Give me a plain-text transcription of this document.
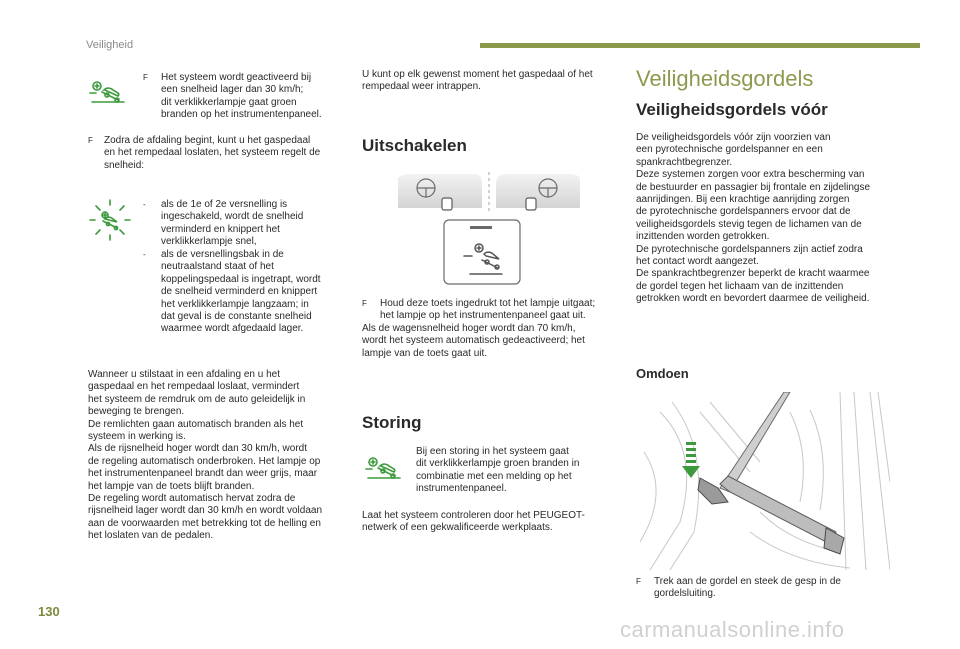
Veiligheid
130
carmanualsonline.info
F Het systeem wordt geactiveerd bij
een snelheid lager dan 30 km/h;
dit verklikkerlampje gaat groen
branden op het instrumentenpaneel.
F Zodra de afdaling begint, kunt u het gaspedaal
en het rempedaal loslaten, het systeem regelt de
snelheid:
- als de 1e of 2e versnelling is
ingeschakeld, wordt de snelheid
verminderd en knippert het
verklikkerlampje snel,
- als de versnellingsbak in de
neutraalstand staat of het
koppelingspedaal is ingetrapt, wordt
de snelheid verminderd en knippert
het verklikkerlampje langzaam; in
dat geval is de constante snelheid
waarmee wordt afgedaald lager.
Wanneer u stilstaat in een afdaling en u het
gaspedaal en het rempedaal loslaat, vermindert
het systeem de remdruk om de auto geleidelijk in
beweging te brengen.
De remlichten gaan automatisch branden als het
systeem in werking is.
Als de rijsnelheid hoger wordt dan 30 km/h, wordt
de regeling automatisch onderbroken. Het lampje op
het instrumentenpaneel brandt dan weer grijs, maar
het lampje van de toets blijft branden.
De regeling wordt automatisch hervat zodra de
rijsnelheid lager wordt dan 30 km/h en wordt voldaan
aan de voorwaarden met betrekking tot de helling en
het loslaten van de pedalen.
U kunt op elk gewenst moment het gaspedaal of het
rempedaal weer intrappen.
Uitschakelen
F Houd deze toets ingedrukt tot het lampje uitgaat;
het lampje op het instrumentenpaneel gaat uit.
Als de wagensnelheid hoger wordt dan 70 km/h,
wordt het systeem automatisch gedeactiveerd; het
lampje van de toets gaat uit.
Storing
Bij een storing in het systeem gaat
dit verklikkerlampje groen branden in
combinatie met een melding op het
instrumentenpaneel.
Laat het systeem controleren door het PEUGEOT-
netwerk of een gekwalificeerde werkplaats.
Veiligheidsgordels
Veiligheidsgordels vóór
De veiligheidsgordels vóór zijn voorzien van
een pyrotechnische gordelspanner en een
spankrachtbegrenzer.
Deze systemen zorgen voor extra bescherming van
de bestuurder en passagier bij frontale en zijdelingse
aanrijdingen. Bij een krachtige aanrijding zorgen
de pyrotechnische gordelspanners ervoor dat de
veiligheidsgordels stevig tegen de lichamen van de
inzittenden worden getrokken.
De pyrotechnische gordelspanners zijn actief zodra
het contact wordt aangezet.
De spankrachtbegrenzer beperkt de kracht waarmee
de gordel tegen het lichaam van de inzittenden
getrokken wordt en bevordert daarmee de veiligheid.
Omdoen
F Trek aan de gordel en steek de gesp in de
gordelsluiting.
